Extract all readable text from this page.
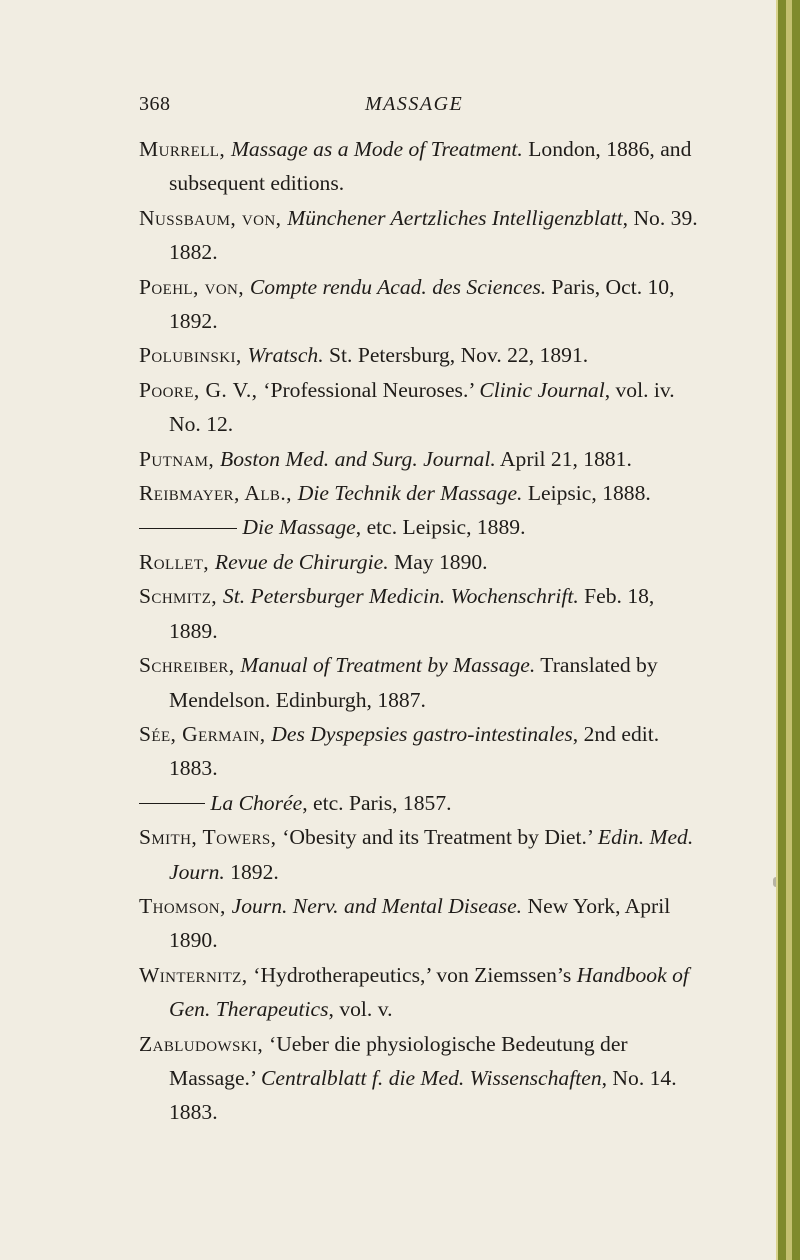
368	MASSAGE
Murrell, Massage as a Mode of Treatment. London, 1886, and subsequent editions.
Nussbaum, von, Münchener Aertzliches Intelligenzblatt, No. 39. 1882.
Poehl, von, Compte rendu Acad. des Sciences. Paris, Oct. 10, 1892.
Polubinski, Wratsch. St. Petersburg, Nov. 22, 1891.
Poore, G. V., ‘Professional Neuroses.’ Clinic Journal, vol. iv. No. 12.
Putnam, Boston Med. and Surg. Journal. April 21, 1881.
Reibmayer, Alb., Die Technik der Massage. Leipsic, 1888.
Die Massage, etc. Leipsic, 1889.
Rollet, Revue de Chirurgie. May 1890.
Schmitz, St. Petersburger Medicin. Wochenschrift. Feb. 18, 1889.
Schreiber, Manual of Treatment by Massage. Translated by Mendelson. Edinburgh, 1887.
Sée, Germain, Des Dyspepsies gastro-intestinales, 2nd edit. 1883.
La Chorée, etc. Paris, 1857.
Smith, Towers, ‘Obesity and its Treatment by Diet.’ Edin. Med. Journ. 1892.
Thomson, Journ. Nerv. and Mental Disease. New York, April 1890.
Winternitz, ‘Hydrotherapeutics,’ von Ziemssen’s Handbook of Gen. Therapeutics, vol. v.
Zabludowski, ‘Ueber die physiologische Bedeutung der Massage.’ Centralblatt f. die Med. Wissenschaften, No. 14. 1883.
